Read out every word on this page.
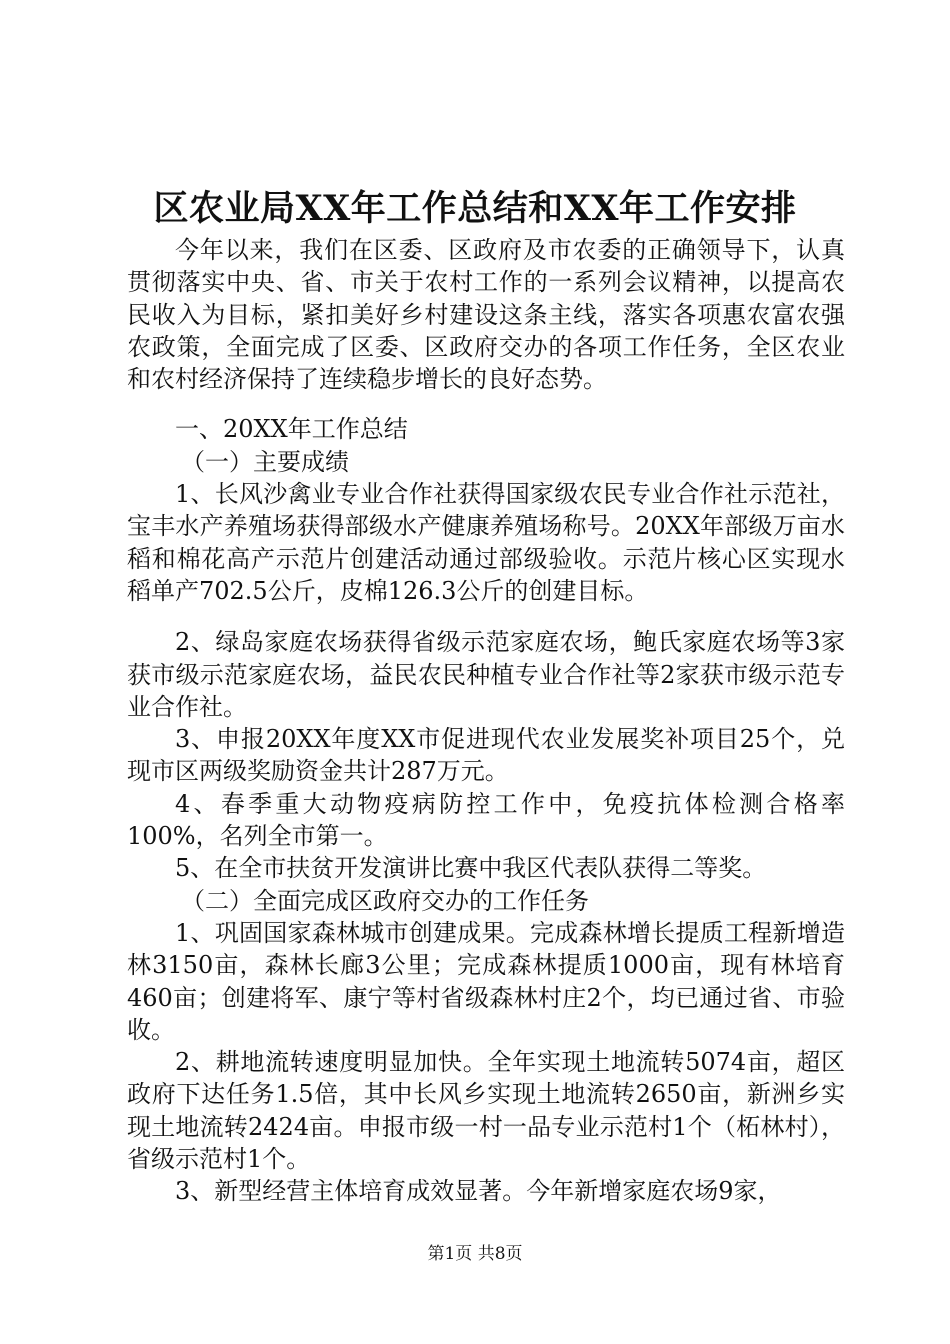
区农业局XX年工作总结和XX年工作安排

今年以来，我们在区委、区政府及市农委的正确领导下，认真贯彻落实中央、省、市关于农村工作的一系列会议精神，以提高农民收入为目标，紧扣美好乡村建设这条主线，落实各项惠农富农强农政策，全面完成了区委、区政府交办的各项工作任务，全区农业和农村经济保持了连续稳步增长的良好态势。

一、20XX年工作总结

（一）主要成绩

1、长风沙禽业专业合作社获得国家级农民专业合作社示范社，宝丰水产养殖场获得部级水产健康养殖场称号。20XX年部级万亩水稻和棉花高产示范片创建活动通过部级验收。示范片核心区实现水稻单产702.5公斤，皮棉126.3公斤的创建目标。

2、绿岛家庭农场获得省级示范家庭农场，鲍氏家庭农场等3家获市级示范家庭农场，益民农民种植专业合作社等2家获市级示范专业合作社。

3、申报20XX年度XX市促进现代农业发展奖补项目25个，兑现市区两级奖励资金共计287万元。

4、春季重大动物疫病防控工作中，免疫抗体检测合格率100%，名列全市第一。

5、在全市扶贫开发演讲比赛中我区代表队获得二等奖。

（二）全面完成区政府交办的工作任务

1、巩固国家森林城市创建成果。完成森林增长提质工程新增造林3150亩，森林长廊3公里；完成森林提质1000亩，现有林培育460亩；创建将军、康宁等村省级森林村庄2个，均已通过省、市验收。

2、耕地流转速度明显加快。全年实现土地流转5074亩，超区政府下达任务1.5倍，其中长风乡实现土地流转2650亩，新洲乡实现土地流转2424亩。申报市级一村一品专业示范村1个（柘林村），省级示范村1个。

3、新型经营主体培育成效显著。今年新增家庭农场9家，

第1页 共8页
